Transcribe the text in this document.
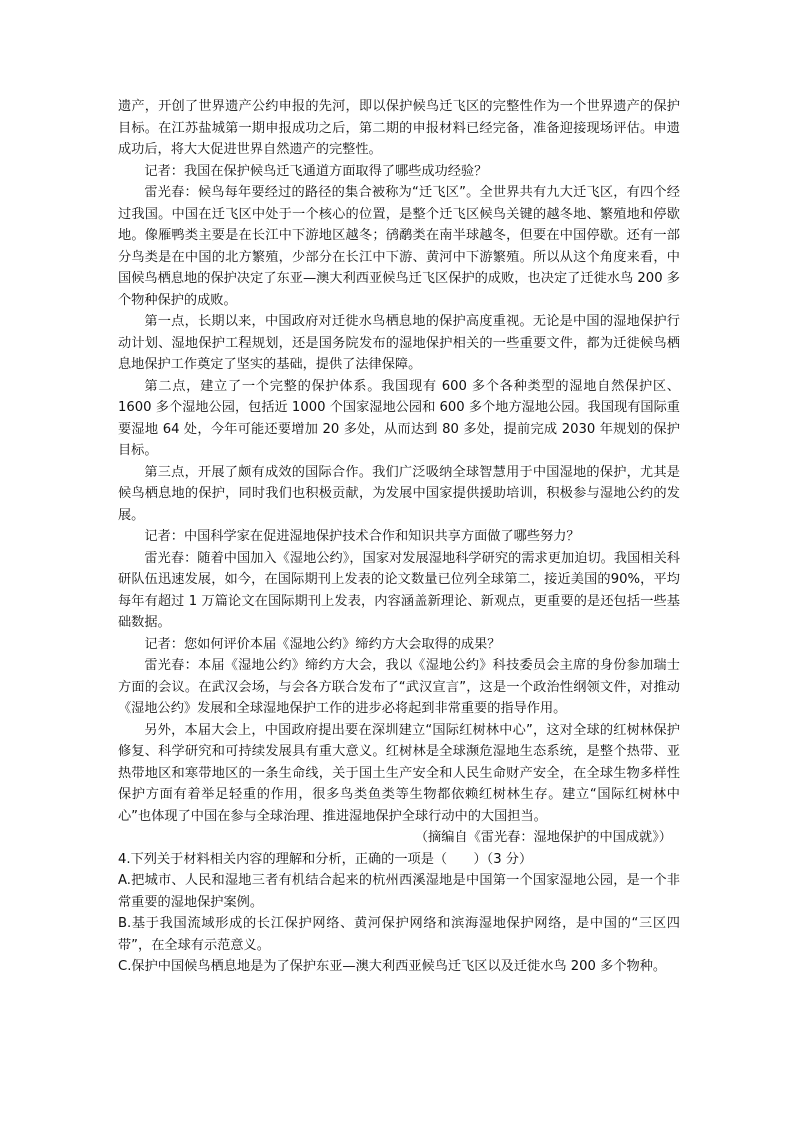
遗产，开创了世界遗产公约申报的先河，即以保护候鸟迁飞区的完整性作为一个世界遗产的保护目标。在江苏盐城第一期申报成功之后，第二期的申报材料已经完备，准备迎接现场评估。申遗成功后，将大大促进世界自然遗产的完整性。

记者：我国在保护候鸟迁飞通道方面取得了哪些成功经验？

雷光春：候鸟每年要经过的路径的集合被称为“迁飞区”。全世界共有九大迁飞区，有四个经过我国。中国在迁飞区中处于一个核心的位置，是整个迁飞区候鸟关键的越冬地、繁殖地和停歇地。像雁鸭类主要是在长江中下游地区越冬；鸻鹬类在南半球越冬，但要在中国停歇。还有一部分鸟类是在中国的北方繁殖，少部分在长江中下游、黄河中下游繁殖。所以从这个角度来看，中国候鸟栖息地的保护决定了东亚—澳大利西亚候鸟迁飞区保护的成败，也决定了迁徙水鸟 200 多个物种保护的成败。

第一点，长期以来，中国政府对迁徙水鸟栖息地的保护高度重视。无论是中国的湿地保护行动计划、湿地保护工程规划，还是国务院发布的湿地保护相关的一些重要文件，都为迁徙候鸟栖息地保护工作奠定了坚实的基础，提供了法律保障。

第二点，建立了一个完整的保护体系。我国现有 600 多个各种类型的湿地自然保护区、1600 多个湿地公园，包括近 1000 个国家湿地公园和 600 多个地方湿地公园。我国现有国际重要湿地 64 处，今年可能还要增加 20 多处，从而达到 80 多处，提前完成 2030 年规划的保护目标。

第三点，开展了颇有成效的国际合作。我们广泛吸纳全球智慧用于中国湿地的保护，尤其是候鸟栖息地的保护，同时我们也积极贡献，为发展中国家提供援助培训，积极参与湿地公约的发展。

记者：中国科学家在促进湿地保护技术合作和知识共享方面做了哪些努力？

雷光春：随着中国加入《湿地公约》，国家对发展湿地科学研究的需求更加迫切。我国相关科研队伍迅速发展，如今，在国际期刊上发表的论文数量已位列全球第二，接近美国的90%，平均每年有超过 1 万篇论文在国际期刊上发表，内容涵盖新理论、新观点，更重要的是还包括一些基础数据。

记者：您如何评价本届《湿地公约》缔约方大会取得的成果？

雷光春：本届《湿地公约》缔约方大会，我以《湿地公约》科技委员会主席的身份参加瑞士方面的会议。在武汉会场，与会各方联合发布了“武汉宣言”，这是一个政治性纲领文件，对推动《湿地公约》发展和全球湿地保护工作的进步必将起到非常重要的指导作用。

另外，本届大会上，中国政府提出要在深圳建立“国际红树林中心”，这对全球的红树林保护修复、科学研究和可持续发展具有重大意义。红树林是全球濒危湿地生态系统，是整个热带、亚热带地区和寒带地区的一条生命线，关于国土生产安全和人民生命财产安全，在全球生物多样性保护方面有着举足轻重的作用，很多鸟类鱼类等生物都依赖红树林生存。建立“国际红树林中心”也体现了中国在参与全球治理、推进湿地保护全球行动中的大国担当。

（摘编自《雷光春：湿地保护的中国成就》）

4.下列关于材料相关内容的理解和分析，正确的一项是（　　）（3 分）

A.把城市、人民和湿地三者有机结合起来的杭州西溪湿地是中国第一个国家湿地公园，是一个非常重要的湿地保护案例。

B.基于我国流域形成的长江保护网络、黄河保护网络和滨海湿地保护网络，是中国的“三区四带”，在全球有示范意义。

C.保护中国候鸟栖息地是为了保护东亚—澳大利西亚候鸟迁飞区以及迁徙水鸟 200 多个物种。
